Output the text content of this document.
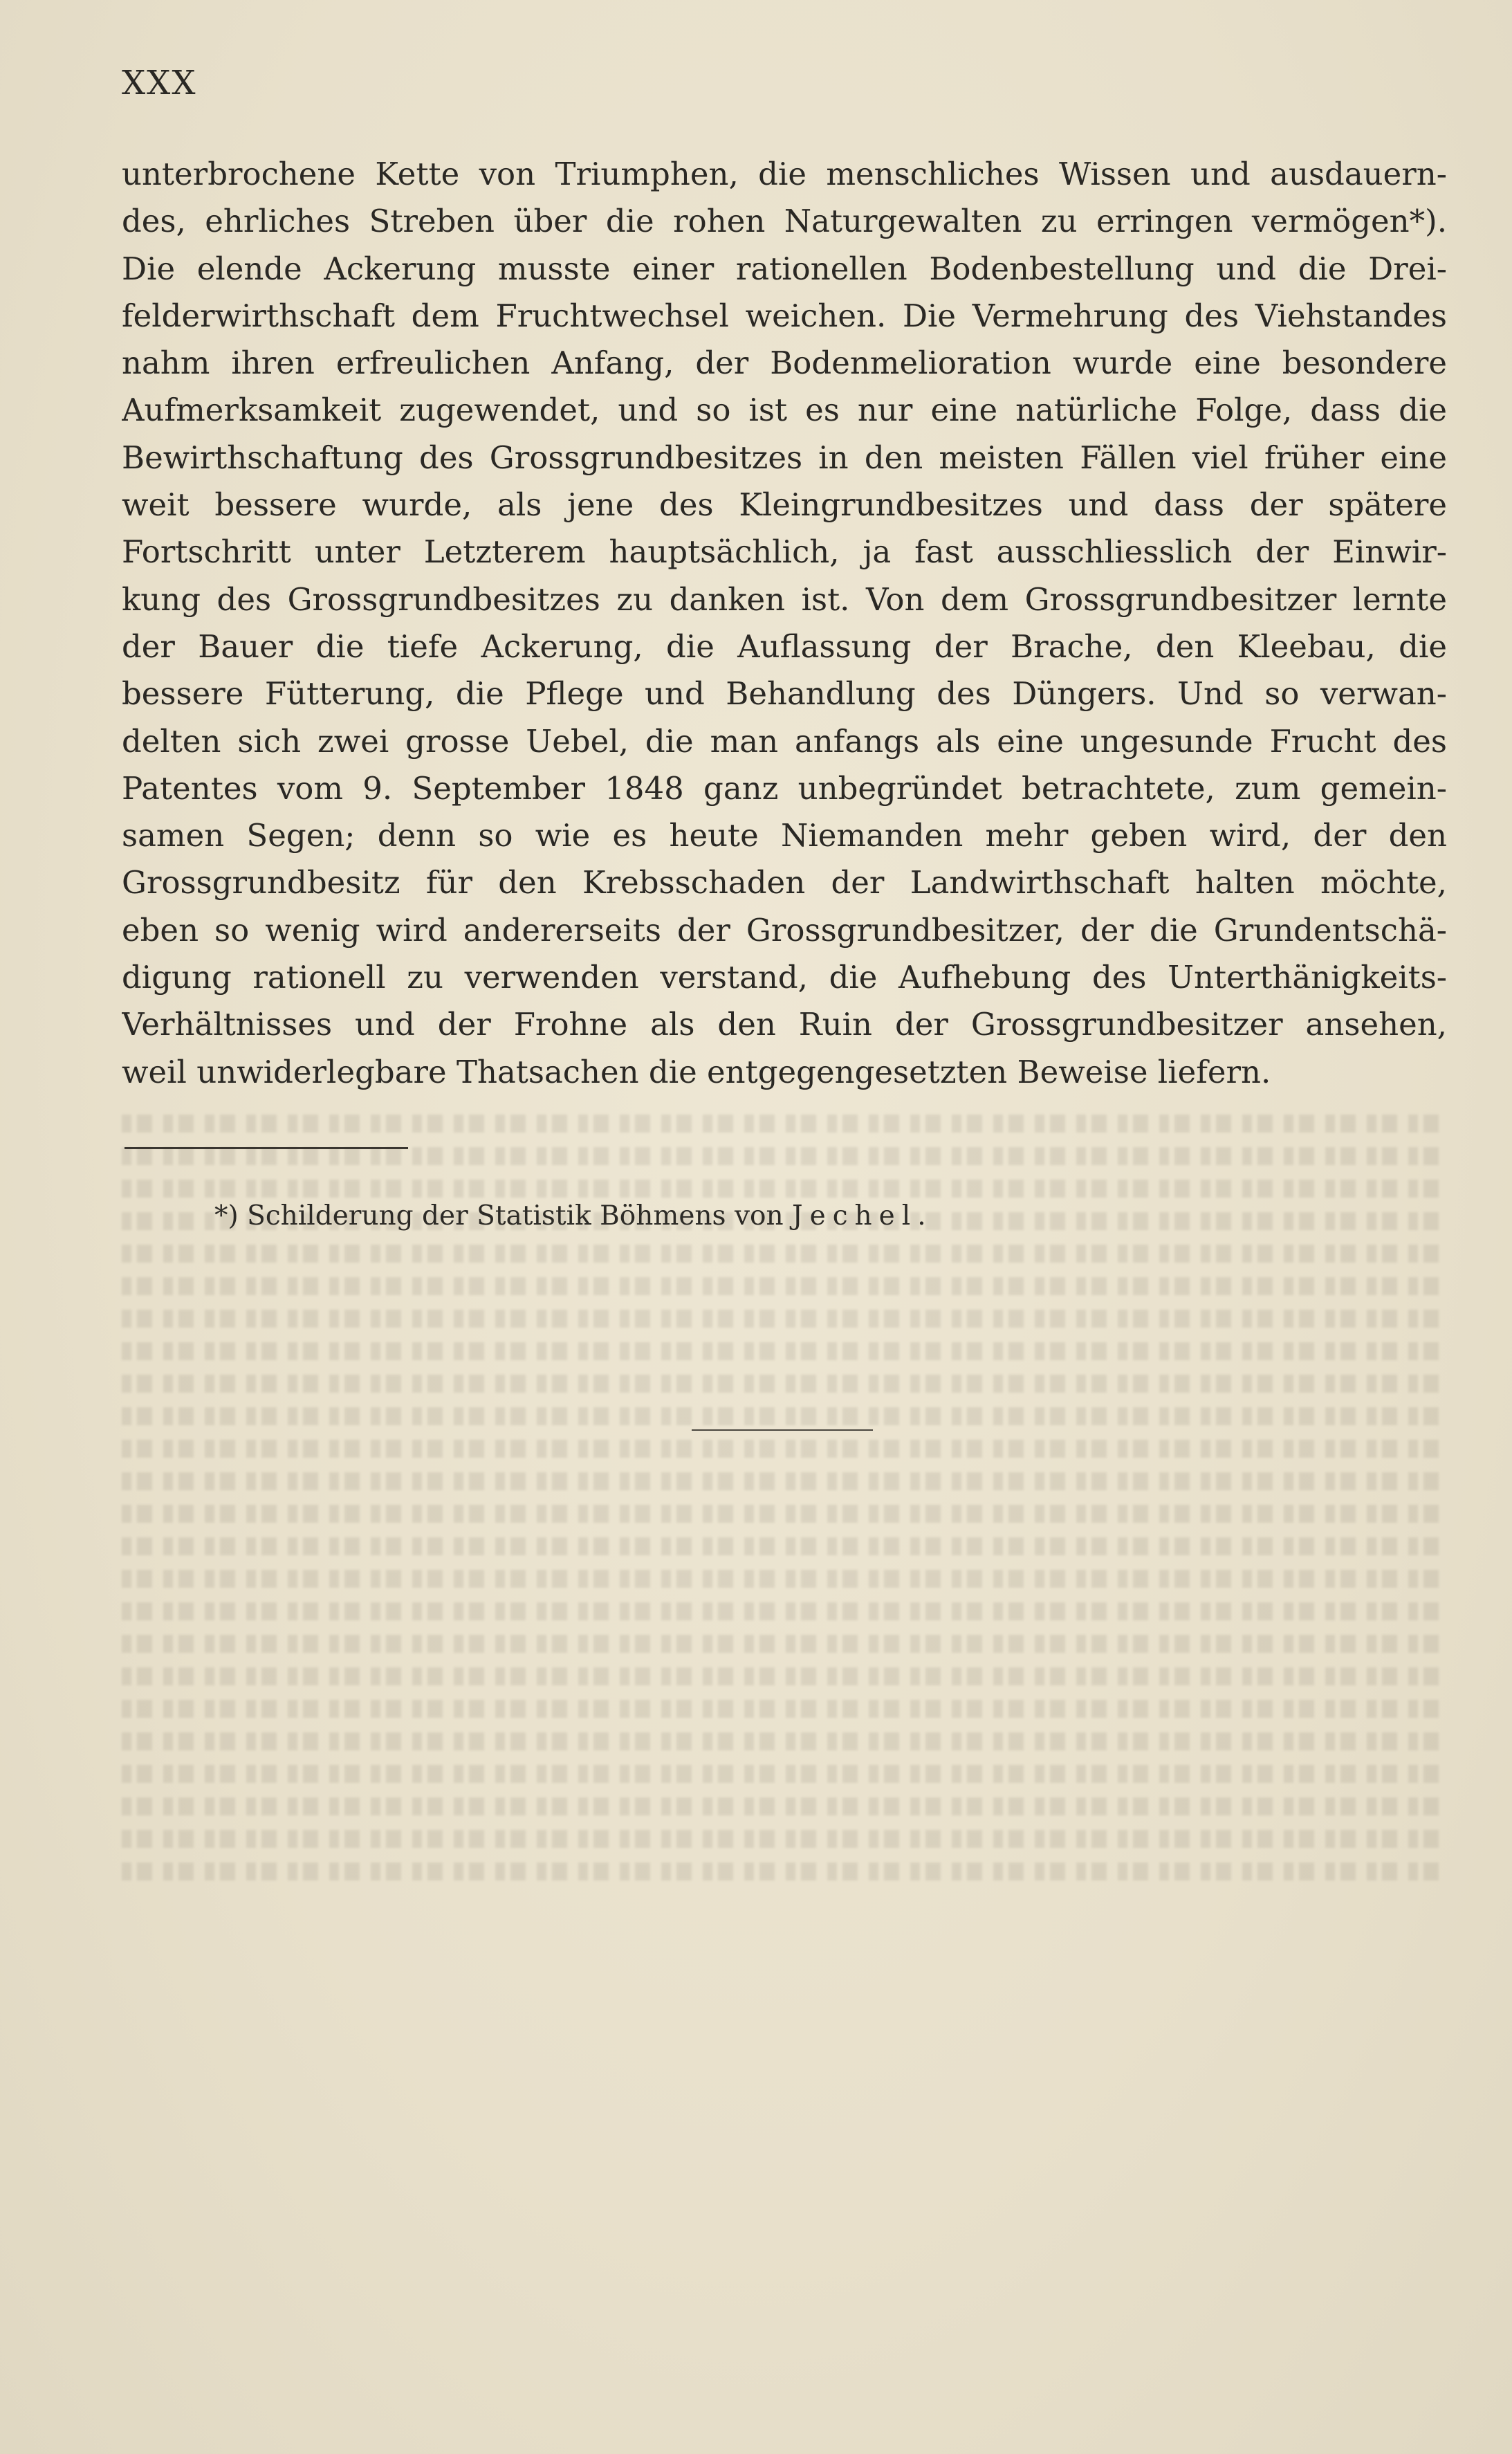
XXX
unterbrochene Kette von Triumphen, die menschliches Wissen und ausdauern-
des, ehrliches Streben über die rohen Naturgewalten zu erringen vermögen*).
Die elende Ackerung musste einer rationellen Bodenbestellung und die Drei-
felderwirthschaft dem Fruchtwechsel weichen. Die Vermehrung des Viehstandes
nahm ihren erfreulichen Anfang, der Bodenmelioration wurde eine besondere
Aufmerksamkeit zugewendet, und so ist es nur eine natürliche Folge, dass die
Bewirthschaftung des Grossgrundbesitzes in den meisten Fällen viel früher eine
weit bessere wurde, als jene des Kleingrundbesitzes und dass der spätere
Fortschritt unter Letzterem hauptsächlich, ja fast ausschliesslich der Einwir-
kung des Grossgrundbesitzes zu danken ist. Von dem Grossgrundbesitzer lernte
der Bauer die tiefe Ackerung, die Auflassung der Brache, den Kleebau, die
bessere Fütterung, die Pflege und Behandlung des Düngers. Und so verwan-
delten sich zwei grosse Uebel, die man anfangs als eine ungesunde Frucht des
Patentes vom 9. September 1848 ganz unbegründet betrachtete, zum gemein-
samen Segen; denn so wie es heute Niemanden mehr geben wird, der den
Grossgrundbesitz für den Krebsschaden der Landwirthschaft halten möchte,
eben so wenig wird andererseits der Grossgrundbesitzer, der die Grundentschä-
digung rationell zu verwenden verstand, die Aufhebung des Unterthänigkeits-
Verhältnisses und der Frohne als den Ruin der Grossgrundbesitzer ansehen,
weil unwiderlegbare Thatsachen die entgegengesetzten Beweise liefern.
*) Schilderung der Statistik Böhmens von Jechel.
